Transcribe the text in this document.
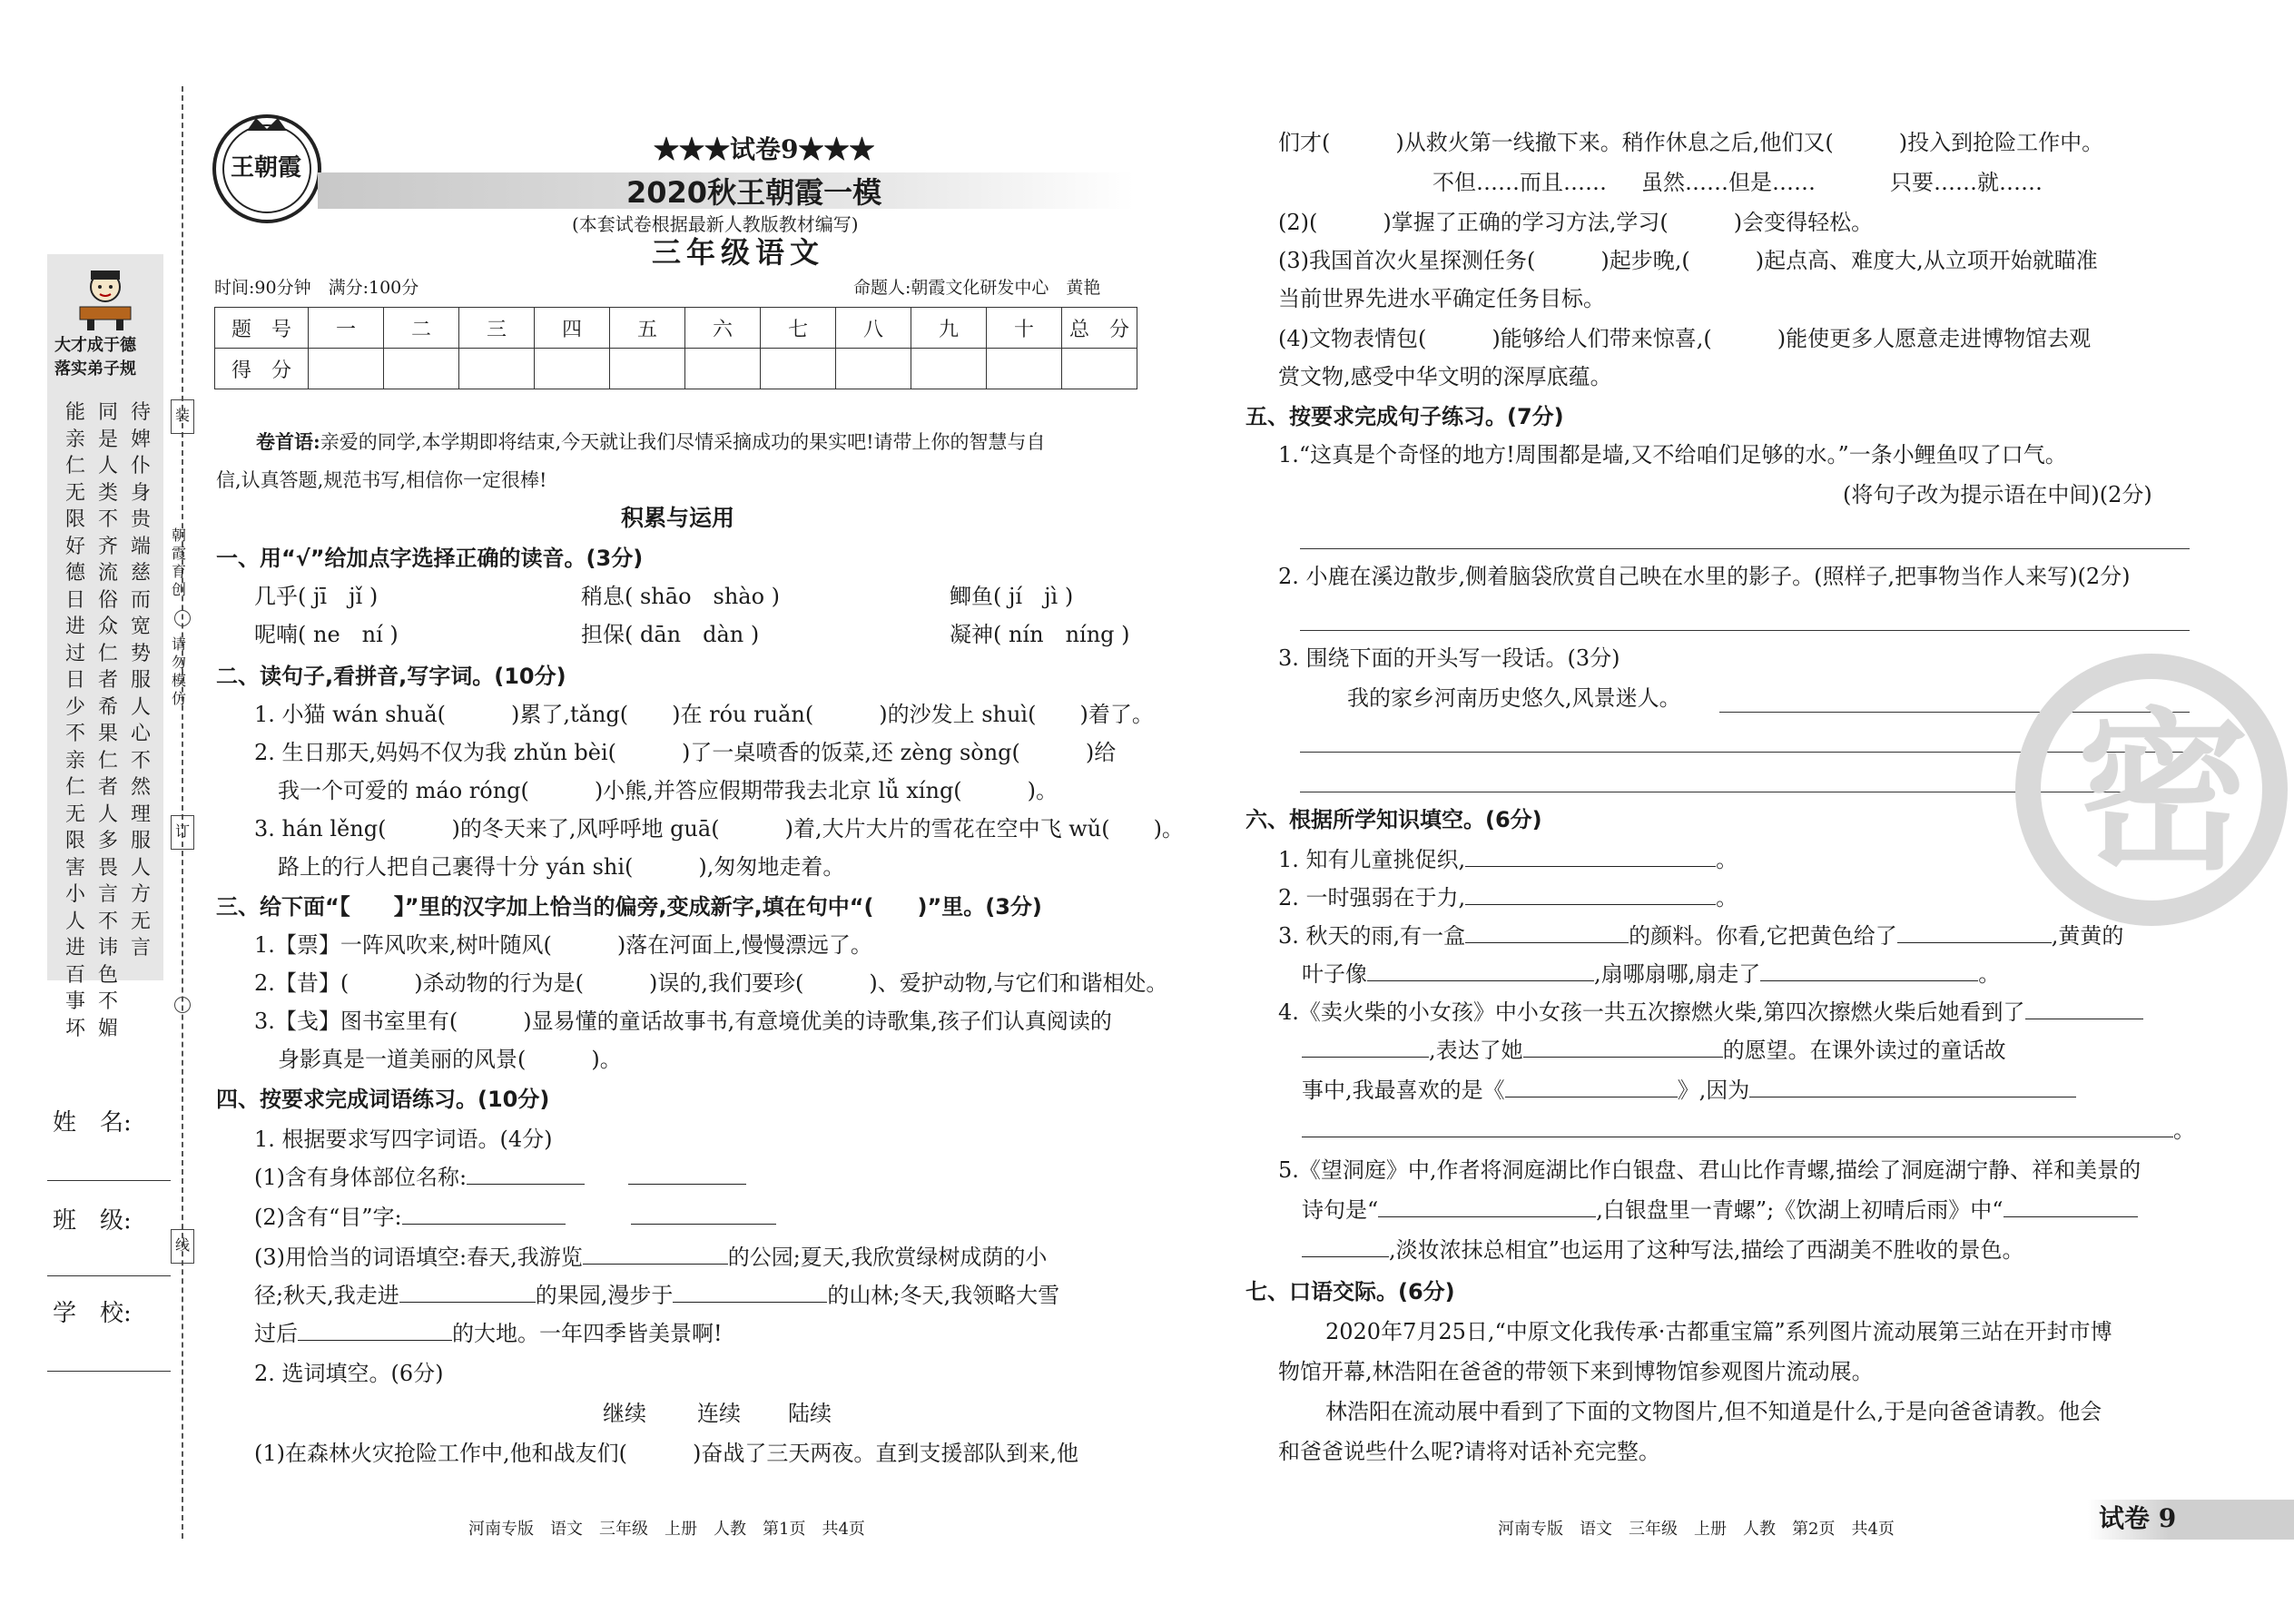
大才成于德
落实弟子规
能亲仁无限好德日进过日少不亲仁无限害小人进百事坏
同是人类不齐流俗众仁者希果仁者人多畏言不讳色不媚
待婢仆身贵端慈而宽势服人心不然理服人方无言
装
朝霞育创
请勿模仿
订
线
姓　名:
班　级:
学　校:
王朝霞
★★★试卷9★★★
2020秋王朝霞一模
(本套试卷根据最新人教版教材编写)
三年级语文
时间:90分钟　满分:100分	命题人:朝霞文化研发中心　黄艳
题　号	一	二	三	四	五	六	七	八	九	十	总　分
得　分											
卷首语:亲爱的同学,本学期即将结束,今天就让我们尽情采摘成功的果实吧!请带上你的智慧与自
信,认真答题,规范书写,相信你一定很棒!
积累与运用
一、用“√”给加点字选择正确的读音。(3分)
几乎( jī　jǐ )	稍息( shāo　shào )	鲫鱼( jí　jì )
呢喃( ne　ní )	担保( dān　dàn )	凝神( nín　níng )
二、读句子,看拼音,写字词。(10分)
1. 小猫 wán shuǎ(　　　	)累了,tǎng(　　 )在 róu ruǎn(　　　	)的沙发上 shuì(　　 )着了。
2. 生日那天,妈妈不仅为我 zhǔn bèi(　　　	)了一桌喷香的饭菜,还 zèng sòng(　　　	)给
我一个可爱的 máo róng(　　　	)小熊,并答应假期带我去北京 lǚ xíng(　　　	)。
3. hán lěng(　　　	)的冬天来了,风呼呼地 guā(　　　	)着,大片大片的雪花在空中飞 wǔ(　　 )。
路上的行人把自己裹得十分 yán shi(　　　	),匆匆地走着。
三、给下面“【　　】”里的汉字加上恰当的偏旁,变成新字,填在句中“(　　)”里。(3分)
1.【票】一阵风吹来,树叶随风(　　　	)落在河面上,慢慢漂远了。
2.【昔】(　　　	)杀动物的行为是(　　　	)误的,我们要珍(　　　	)、爱护动物,与它们和谐相处。
3.【戋】图书室里有(　　　	)显易懂的童话故事书,有意境优美的诗歌集,孩子们认真阅读的
身影真是一道美丽的风景(　　　	)。
四、按要求完成词语练习。(10分)
1. 根据要求写四字词语。(4分)
(1)含有身体部位名称:　　
(2)含有“目”字:　　　
(3)用恰当的词语填空:春天,我游览	的公园;夏天,我欣赏绿树成荫的小
径;秋天,我走进	的果园,漫步于	的山林;冬天,我领略大雪
过后	的大地。一年四季皆美景啊!
2. 选词填空。(6分)
继续 连续 陆续
(1)在森林火灾抢险工作中,他和战友们(　　　	)奋战了三天两夜。直到支援部队到来,他
们才(　　　	)从救火第一线撤下来。稍作休息之后,他们又(　　　	)投入到抢险工作中。
不但……而且…… 虽然……但是……	只要……就……
(2)(　　　	)掌握了正确的学习方法,学习(　　　	)会变得轻松。
(3)我国首次火星探测任务(　　　	)起步晚,(　　　	)起点高、难度大,从立项开始就瞄准
当前世界先进水平确定任务目标。
(4)文物表情包(　　　	)能够给人们带来惊喜,(　　　	)能使更多人愿意走进博物馆去观
赏文物,感受中华文明的深厚底蕴。
五、按要求完成句子练习。(7分)
1.“这真是个奇怪的地方!周围都是墙,又不给咱们足够的水。”一条小鲤鱼叹了口气。
(将句子改为提示语在中间)(2分)
2. 小鹿在溪边散步,侧着脑袋欣赏自己映在水里的影子。(照样子,把事物当作人来写)(2分)
3. 围绕下面的开头写一段话。(3分)
我的家乡河南历史悠久,风景迷人。 密
六、根据所学知识填空。(6分)
1. 知有儿童挑促织,	。
2. 一时强弱在于力,	。
3. 秋天的雨,有一盒	的颜料。你看,它把黄色给了	,黄黄的
叶子像	,扇哪扇哪,扇走了	。
4.《卖火柴的小女孩》中小女孩一共五次擦燃火柴,第四次擦燃火柴后她看到了
,表达了她	的愿望。在课外读过的童话故
事中,我最喜欢的是《	》,因为
。
5.《望洞庭》中,作者将洞庭湖比作白银盘、君山比作青螺,描绘了洞庭湖宁静、祥和美景的
诗句是“	,白银盘里一青螺”;《饮湖上初晴后雨》中“
,淡妆浓抹总相宜”也运用了这种写法,描绘了西湖美不胜收的景色。
七、口语交际。(6分)
2020年7月25日,“中原文化我传承·古都重宝篇”系列图片流动展第三站在开封市博
物馆开幕,林浩阳在爸爸的带领下来到博物馆参观图片流动展。
林浩阳在流动展中看到了下面的文物图片,但不知道是什么,于是向爸爸请教。他会
和爸爸说些什么呢?请将对话补充完整。
河南专版　语文　三年级　上册　人教　第1页　共4页	河南专版　语文　三年级　上册　人教　第2页　共4页	试卷 9
